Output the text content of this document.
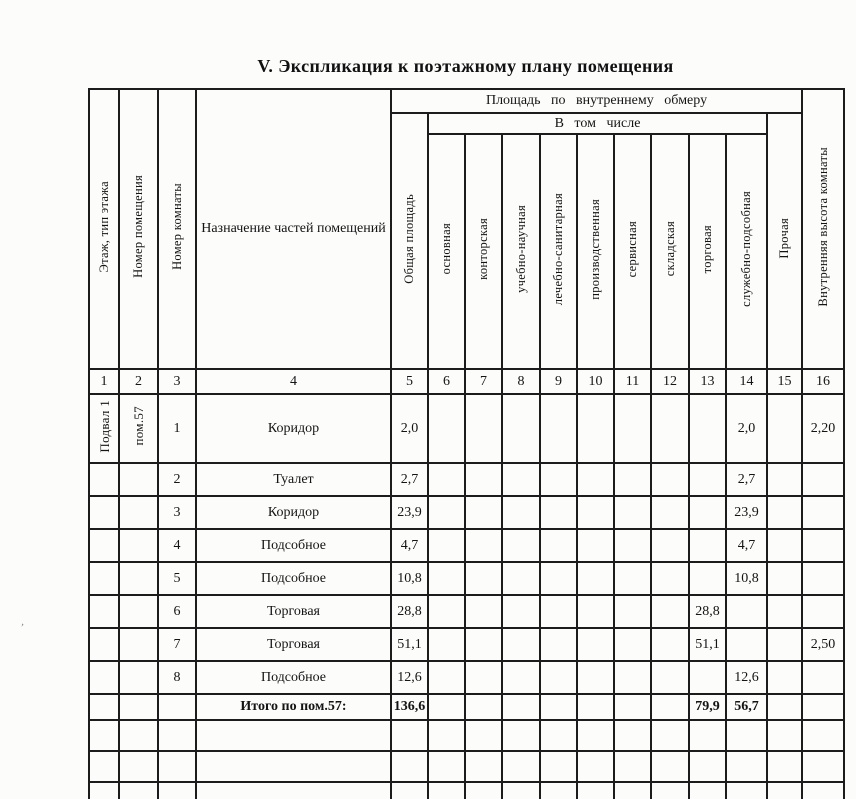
V. Экспликация к поэтажному плану помещения
’
Этаж, тип этажа	Номер помещения	Номер комнаты	Назначение частей помещений	Площадь по внутреннему обмеру											Внутренняя высота комнаты
				Общая площадь	В том числе									Прочая	
					основная	конторская	учебно-научная	лечебно-санитарная	производственная	сервисная	складская	торговая	служебно-подсобная		
1	2	3	4	5	6	7	8	9	10	11	12	13	14	15	16
Подвал 1	пом.57	1	Коридор	2,0									2,0		2,20
		2	Туалет	2,7									2,7		
		3	Коридор	23,9									23,9		
		4	Подсобное	4,7									4,7		
		5	Подсобное	10,8									10,8		
		6	Торговая	28,8								28,8			
		7	Торговая	51,1								51,1			2,50
		8	Подсобное	12,6									12,6		
			Итого по пом.57:	136,6								79,9	56,7		
